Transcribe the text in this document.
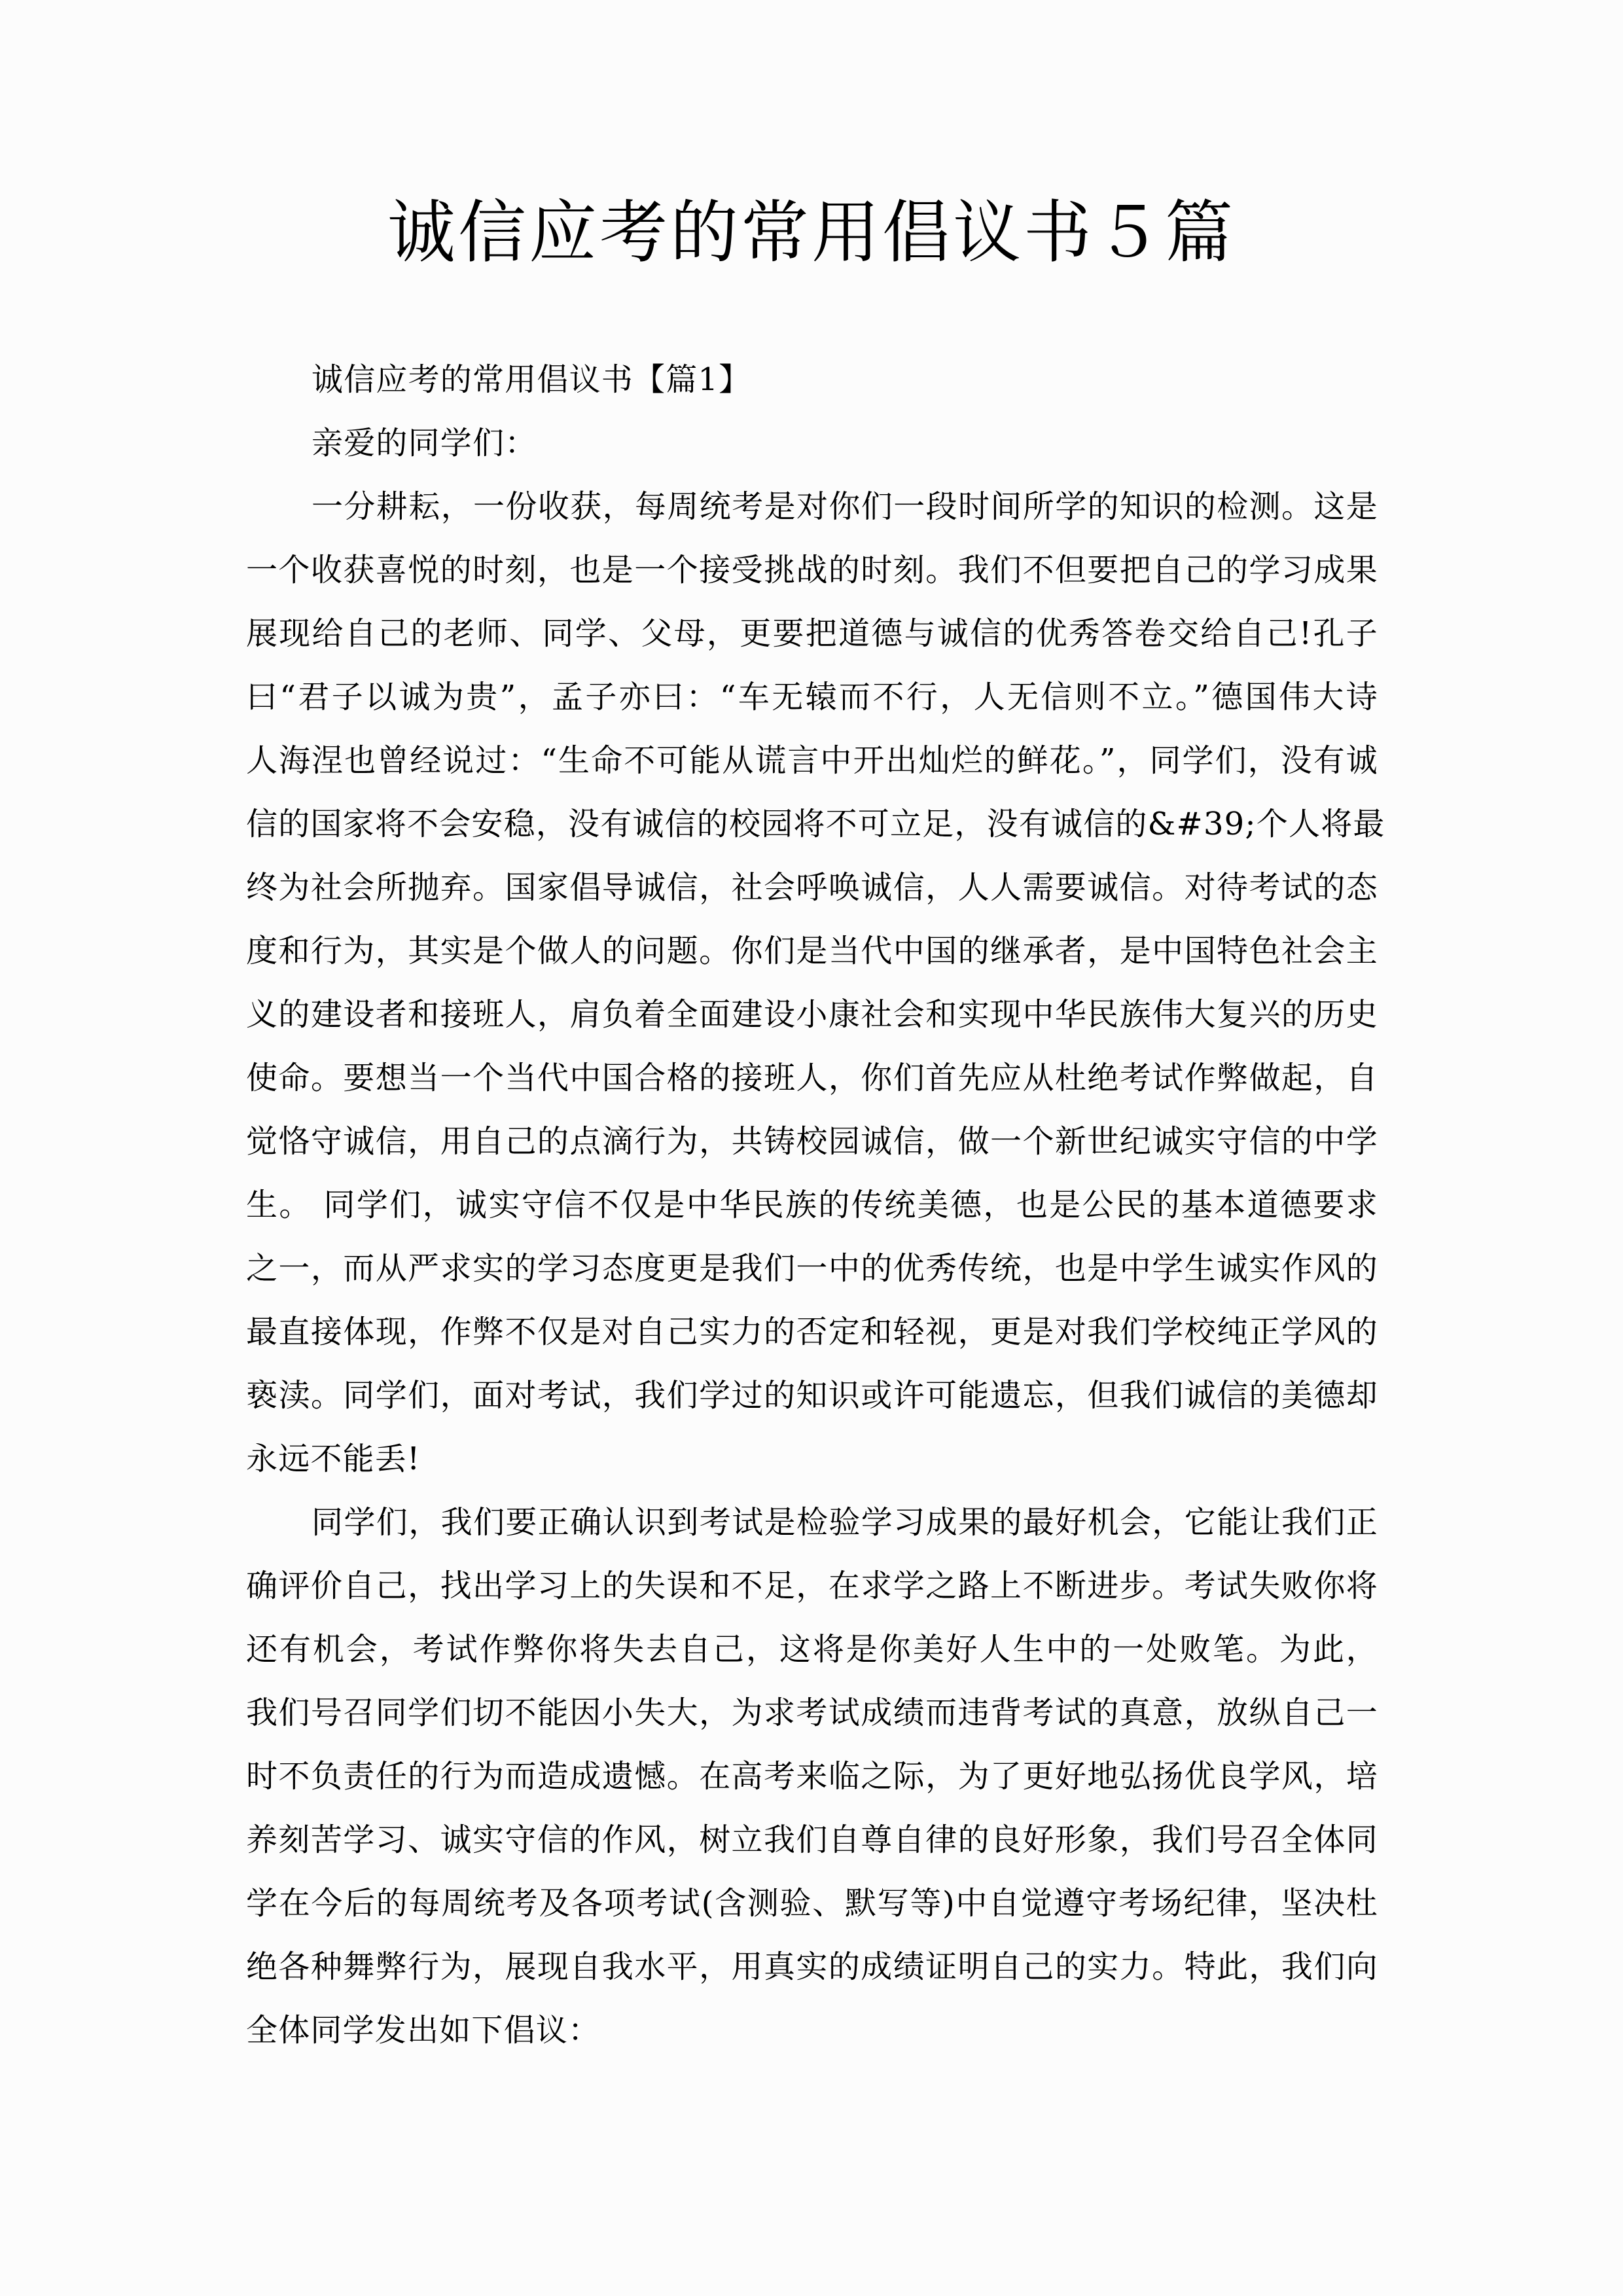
诚信应考的常用倡议书５篇
诚信应考的常用倡议书【篇1】
亲爱的同学们：
一分耕耘，一份收获，每周统考是对你们一段时间所学的知识的检测。这是
一个收获喜悦的时刻，也是一个接受挑战的时刻。我们不但要把自己的学习成果
展现给自己的老师、同学、父母，更要把道德与诚信的优秀答卷交给自己!孔子
曰“君子以诚为贵”，孟子亦曰：“车无辕而不行，人无信则不立。”德国伟大诗
人海涅也曾经说过：“生命不可能从谎言中开出灿烂的鲜花。”，同学们，没有诚
信的国家将不会安稳，没有诚信的校园将不可立足，没有诚信的&#39;个人将最
终为社会所抛弃。国家倡导诚信，社会呼唤诚信，人人需要诚信。对待考试的态
度和行为，其实是个做人的问题。你们是当代中国的继承者，是中国特色社会主
义的建设者和接班人，肩负着全面建设小康社会和实现中华民族伟大复兴的历史
使命。要想当一个当代中国合格的接班人，你们首先应从杜绝考试作弊做起，自
觉恪守诚信，用自己的点滴行为，共铸校园诚信，做一个新世纪诚实守信的中学
生。 同学们，诚实守信不仅是中华民族的传统美德，也是公民的基本道德要求
之一，而从严求实的学习态度更是我们一中的优秀传统，也是中学生诚实作风的
最直接体现，作弊不仅是对自己实力的否定和轻视，更是对我们学校纯正学风的
亵渎。同学们，面对考试，我们学过的知识或许可能遗忘，但我们诚信的美德却
永远不能丢!
同学们，我们要正确认识到考试是检验学习成果的最好机会，它能让我们正
确评价自己，找出学习上的失误和不足，在求学之路上不断进步。考试失败你将
还有机会，考试作弊你将失去自己，这将是你美好人生中的一处败笔。为此，
我们号召同学们切不能因小失大，为求考试成绩而违背考试的真意，放纵自己一
时不负责任的行为而造成遗憾。在高考来临之际，为了更好地弘扬优良学风，培
养刻苦学习、诚实守信的作风，树立我们自尊自律的良好形象，我们号召全体同
学在今后的每周统考及各项考试(含测验、默写等)中自觉遵守考场纪律，坚决杜
绝各种舞弊行为，展现自我水平，用真实的成绩证明自己的实力。特此，我们向
全体同学发出如下倡议：
